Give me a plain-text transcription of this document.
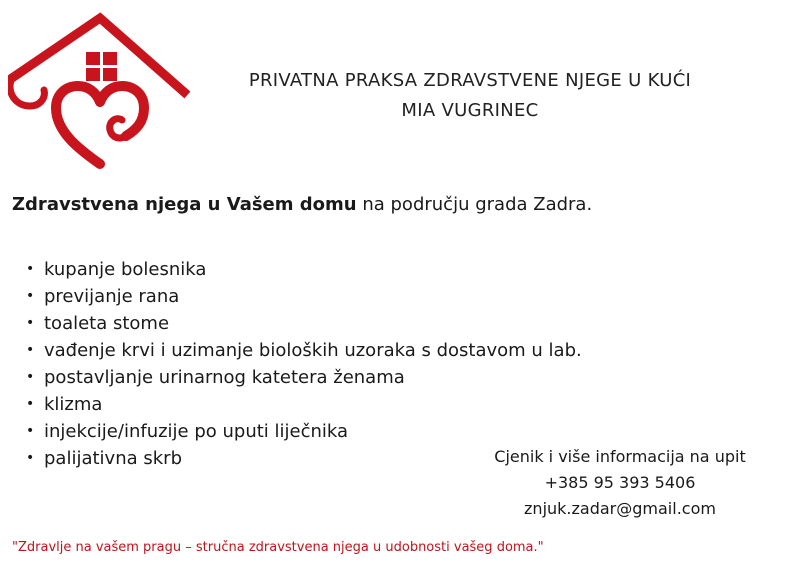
PRIVATNA PRAKSA ZDRAVSTVENE NJEGE U KUĆI
MIA VUGRINEC
Zdravstvena njega u Vašem domu na području grada Zadra.
• kupanje bolesnika
• previjanje rana
• toaleta stome
• vađenje krvi i uzimanje bioloških uzoraka s dostavom u lab.
• postavljanje urinarnog katetera ženama
• klizma
• injekcije/infuzije po uputi liječnika
• palijativna skrb	Cjenik i više informacija na upit
+385 95 393 5406
znjuk.zadar@gmail.com
"Zdravlje na vašem pragu – stručna zdravstvena njega u udobnosti vašeg doma."
